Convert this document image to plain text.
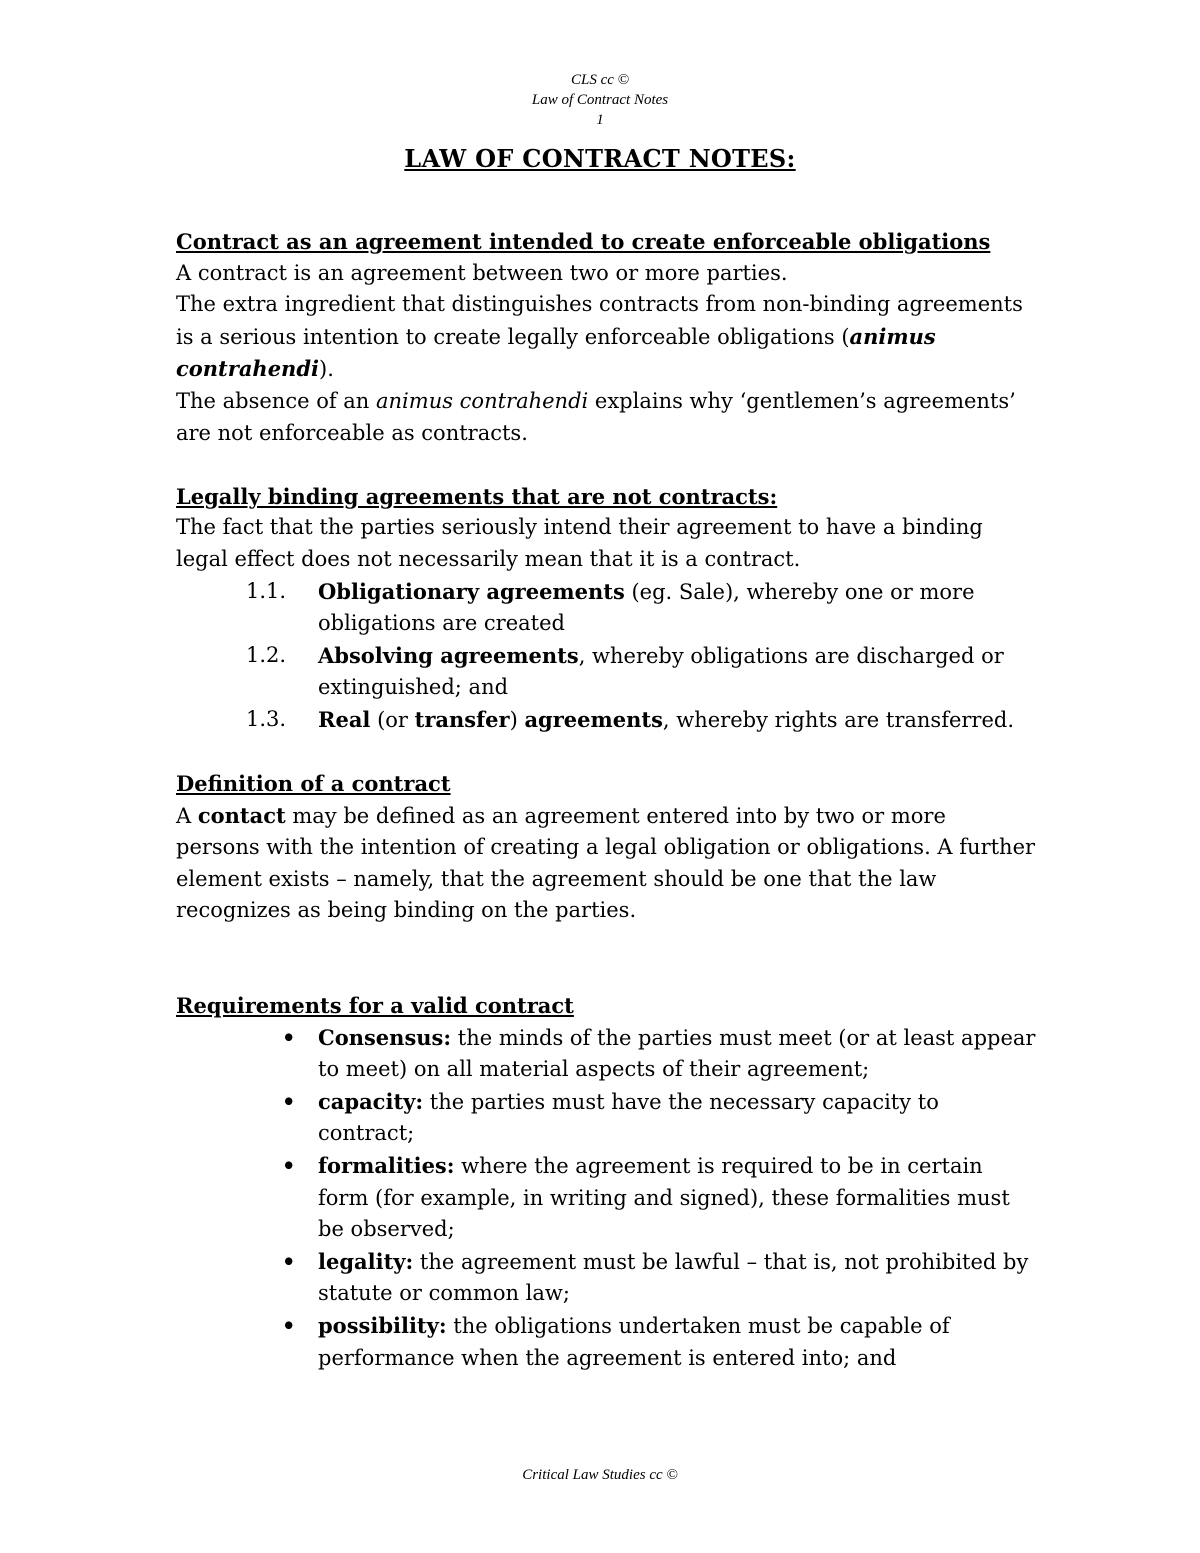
CLS cc ©
Law of Contract Notes
1
LAW OF CONTRACT NOTES:

Contract as an agreement intended to create enforceable obligations

A contract is an agreement between two or more parties.

The extra ingredient that distinguishes contracts from non-binding agreements is a serious intention to create legally enforceable obligations (animus contrahendi).

The absence of an animus contrahendi explains why ‘gentlemen’s agreements’ are not enforceable as contracts.

Legally binding agreements that are not contracts:

The fact that the parties seriously intend their agreement to have a binding legal effect does not necessarily mean that it is a contract.

1.1. Obligationary agreements (eg. Sale), whereby one or more obligations are created
1.2. Absolving agreements, whereby obligations are discharged or extinguished; and
1.3. Real (or transfer) agreements, whereby rights are transferred.

Definition of a contract

A contact may be defined as an agreement entered into by two or more persons with the intention of creating a legal obligation or obligations. A further element exists – namely, that the agreement should be one that the law recognizes as being binding on the parties.

Requirements for a valid contract

• Consensus: the minds of the parties must meet (or at least appear to meet) on all material aspects of their agreement;
• capacity: the parties must have the necessary capacity to contract;
• formalities: where the agreement is required to be in certain form (for example, in writing and signed), these formalities must be observed;
• legality: the agreement must be lawful – that is, not prohibited by statute or common law;
• possibility: the obligations undertaken must be capable of performance when the agreement is entered into; and
Critical Law Studies cc ©
